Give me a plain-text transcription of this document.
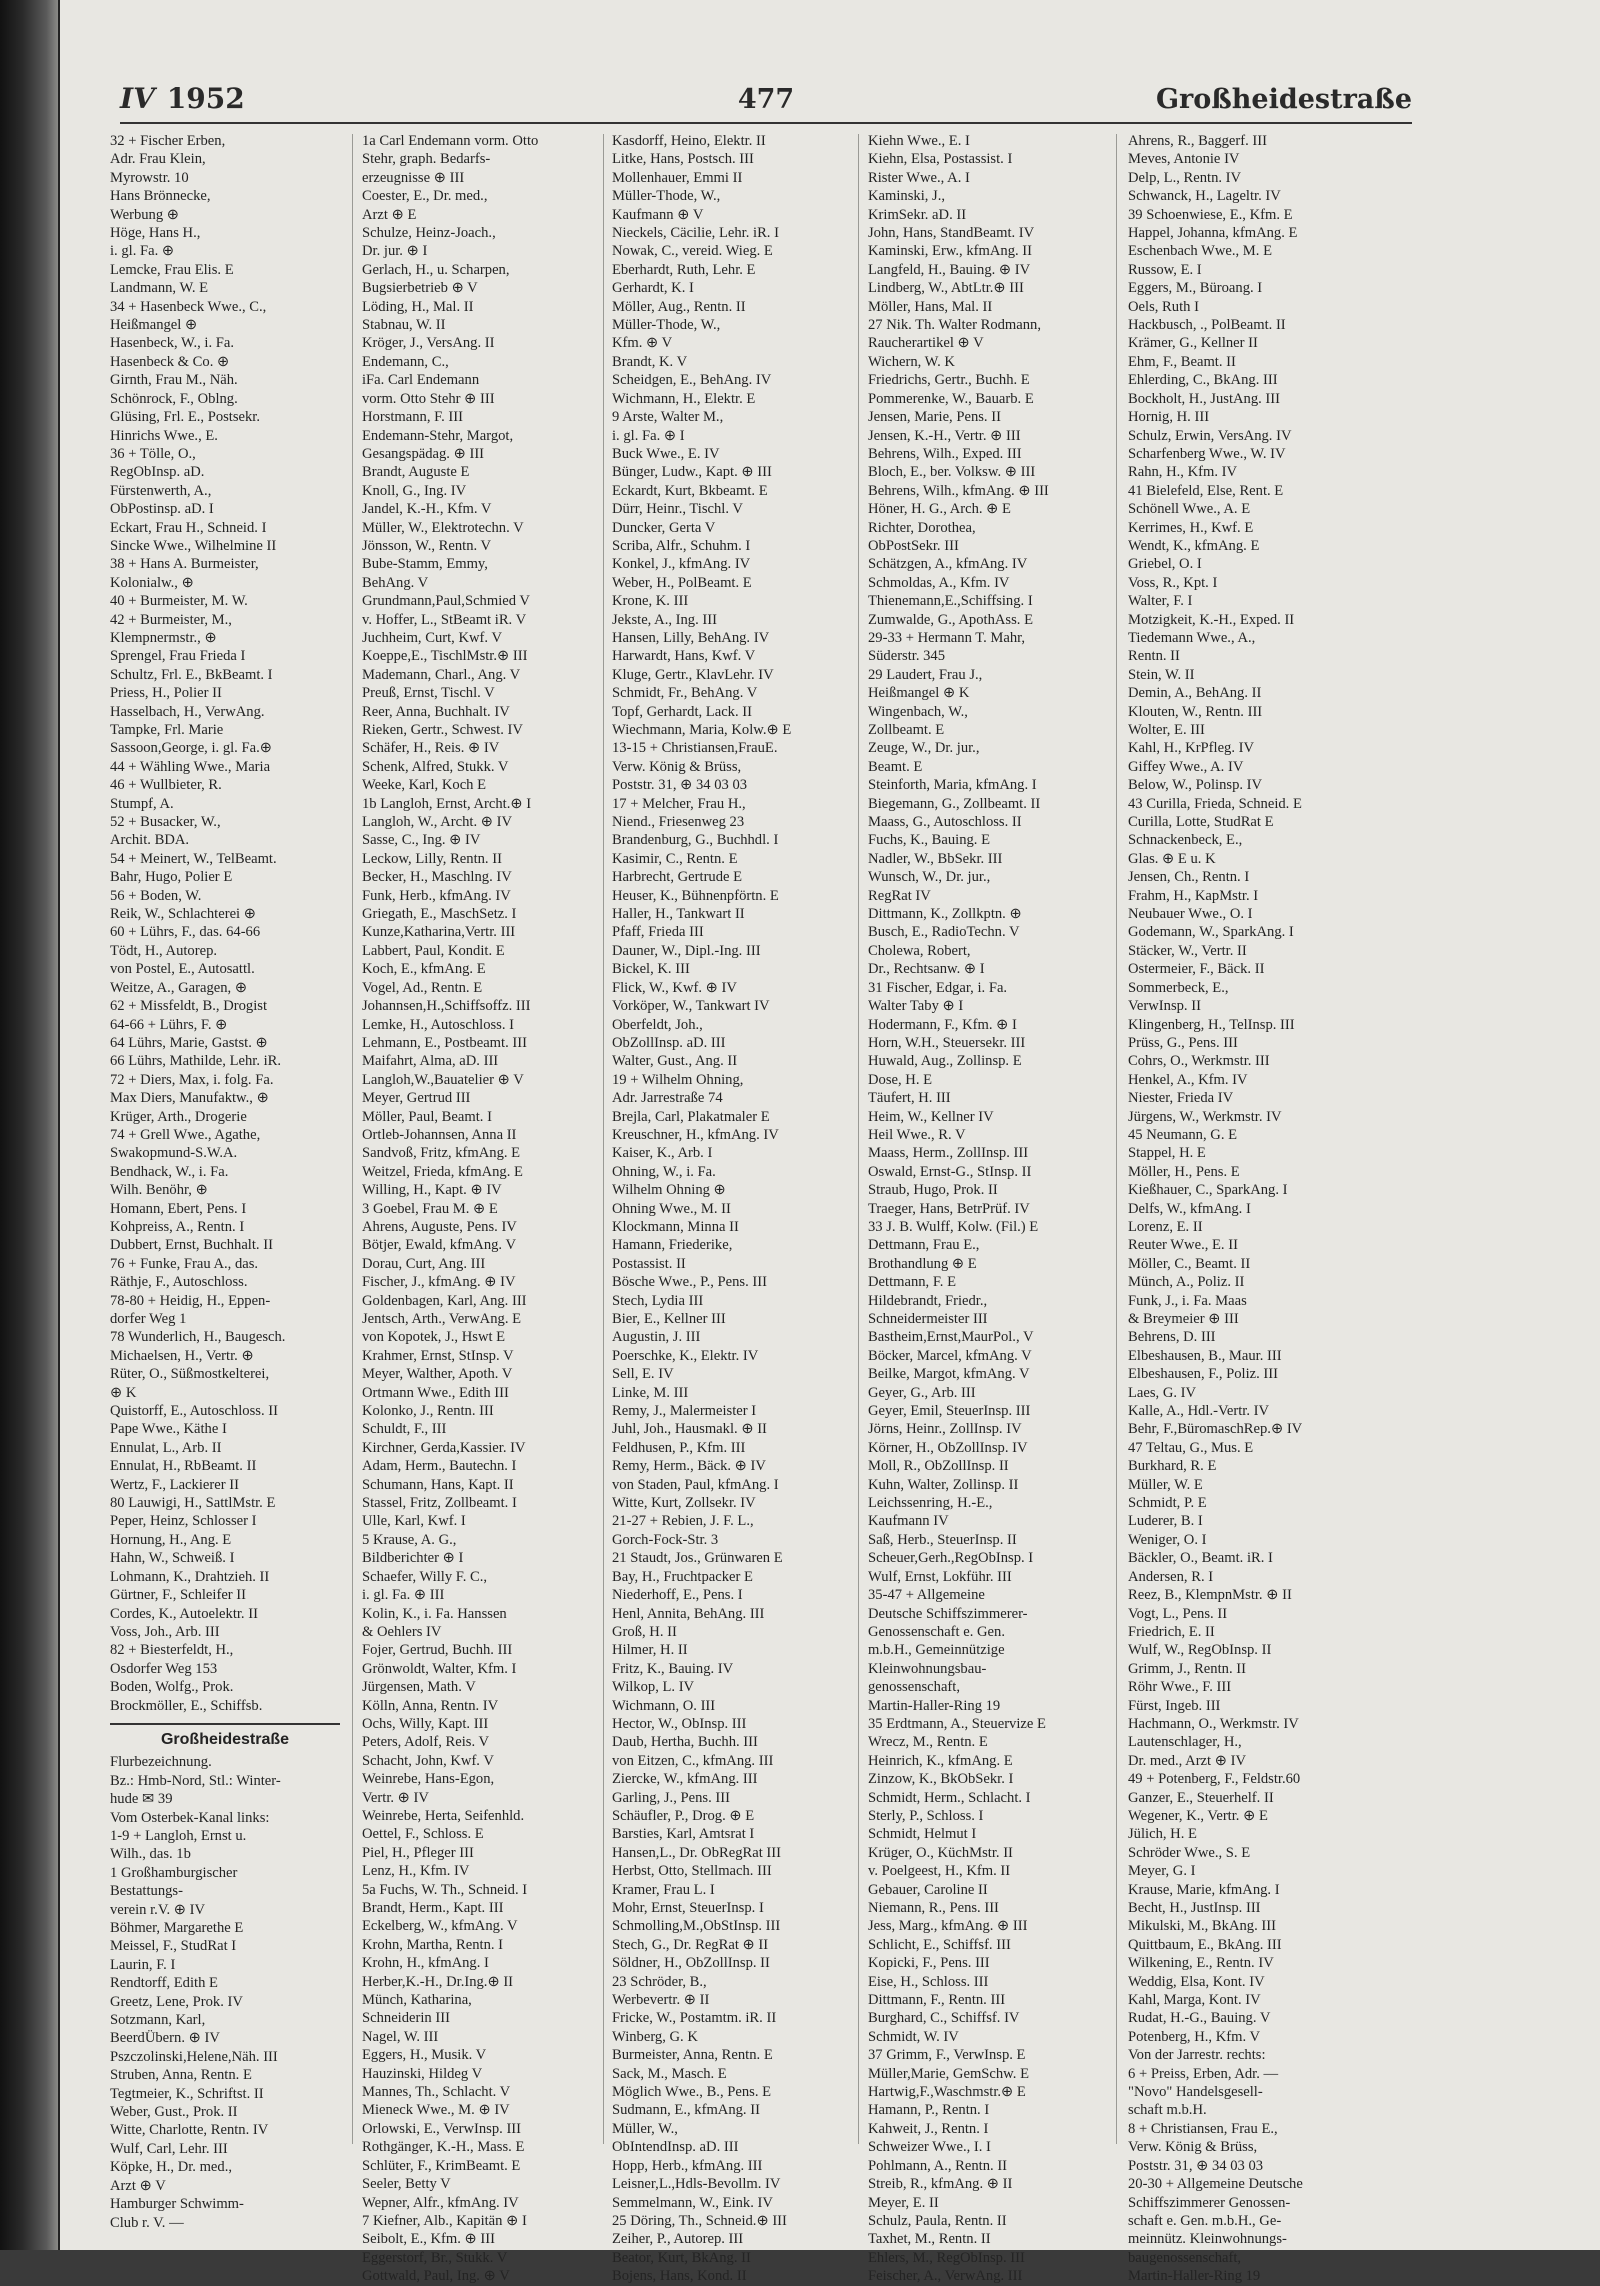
IV 1952	477	Großheidestraße
32 + Fischer Erben,
Adr. Frau Klein,
Myrowstr. 10
Hans Brönnecke,
Werbung ⊕
Höge, Hans H.,
i. gl. Fa. ⊕
Lemcke, Frau Elis. E
Landmann, W. E
34 + Hasenbeck Wwe., C.,
Heißmangel ⊕
Hasenbeck, W., i. Fa.
Hasenbeck & Co. ⊕
Girnth, Frau M., Näh.
Schönrock, F., Oblng.
Glüsing, Frl. E., Postsekr.
Hinrichs Wwe., E.
36 + Tölle, O.,
RegObInsp. aD.
Fürstenwerth, A.,
ObPostinsp. aD. I
Eckart, Frau H., Schneid. I
Sincke Wwe., Wilhelmine II
38 + Hans A. Burmeister,
Kolonialw., ⊕
40 + Burmeister, M. W.
42 + Burmeister, M.,
Klempnermstr., ⊕
Sprengel, Frau Frieda I
Schultz, Frl. E., BkBeamt. I
Priess, H., Polier II
Hasselbach, H., VerwAng.
Tampke, Frl. Marie
Sassoon,George, i. gl. Fa.⊕
44 + Wähling Wwe., Maria
46 + Wullbieter, R.
Stumpf, A.
52 + Busacker, W.,
Archit. BDA.
54 + Meinert, W., TelBeamt.
Bahr, Hugo, Polier E
56 + Boden, W.
Reik, W., Schlachterei ⊕
60 + Lührs, F., das. 64-66
Tödt, H., Autorep.
von Postel, E., Autosattl.
Weitze, A., Garagen, ⊕
62 + Missfeldt, B., Drogist
64-66 + Lührs, F. ⊕
64 Lührs, Marie, Gastst. ⊕
66 Lührs, Mathilde, Lehr. iR.
72 + Diers, Max, i. folg. Fa.
Max Diers, Manufaktw., ⊕
Krüger, Arth., Drogerie
74 + Grell Wwe., Agathe,
Swakopmund-S.W.A.
Bendhack, W., i. Fa.
Wilh. Benöhr, ⊕
Homann, Ebert, Pens. I
Kohpreiss, A., Rentn. I
Dubbert, Ernst, Buchhalt. II
76 + Funke, Frau A., das.
Räthje, F., Autoschloss.
78-80 + Heidig, H., Eppen-
dorfer Weg 1
78 Wunderlich, H., Baugesch.
Michaelsen, H., Vertr. ⊕
Rüter, O., Süßmostkelterei,
⊕ K
Quistorff, E., Autoschloss. II
Pape Wwe., Käthe I
Ennulat, L., Arb. II
Ennulat, H., RbBeamt. II
Wertz, F., Lackierer II
80 Lauwigi, H., SattlMstr. E
Peper, Heinz, Schlosser I
Hornung, H., Ang. E
Hahn, W., Schweiß. I
Lohmann, K., Drahtzieh. II
Gürtner, F., Schleifer II
Cordes, K., Autoelektr. II
Voss, Joh., Arb. III
82 + Biesterfeldt, H.,
Osdorfer Weg 153
Boden, Wolfg., Prok.
Brockmöller, E., Schiffsb.
Großheidestraße
Flurbezeichnung.
Bz.: Hmb-Nord, Stl.: Winter-
hude ✉ 39
Vom Osterbek-Kanal links:
1-9 + Langloh, Ernst u.
Wilh., das. 1b
1 Großhamburgischer
Bestattungs-
verein r.V. ⊕ IV
Böhmer, Margarethe E
Meissel, F., StudRat I
Laurin, F. I
Rendtorff, Edith E
Greetz, Lene, Prok. IV
Sotzmann, Karl,
BeerdÜbern. ⊕ IV
Pszczolinski,Helene,Näh. III
Struben, Anna, Rentn. E
Tegtmeier, K., Schriftst. II
Weber, Gust., Prok. II
Witte, Charlotte, Rentn. IV
Wulf, Carl, Lehr. III
Köpke, H., Dr. med.,
Arzt ⊕ V
Hamburger Schwimm-
Club r. V. —
1a Carl Endemann vorm. Otto
Stehr, graph. Bedarfs-
erzeugnisse ⊕ III
Coester, E., Dr. med.,
Arzt ⊕ E
Schulze, Heinz-Joach.,
Dr. jur. ⊕ I
Gerlach, H., u. Scharpen,
Bugsierbetrieb ⊕ V
Löding, H., Mal. II
Stabnau, W. II
Kröger, J., VersAng. II
Endemann, C.,
iFa. Carl Endemann
vorm. Otto Stehr ⊕ III
Horstmann, F. III
Endemann-Stehr, Margot,
Gesangspädag. ⊕ III
Brandt, Auguste E
Knoll, G., Ing. IV
Jandel, K.-H., Kfm. V
Müller, W., Elektrotechn. V
Jönsson, W., Rentn. V
Bube-Stamm, Emmy,
BehAng. V
Grundmann,Paul,Schmied V
v. Hoffer, L., StBeamt iR. V
Juchheim, Curt, Kwf. V
Koeppe,E., TischlMstr.⊕ III
Mademann, Charl., Ang. V
Preuß, Ernst, Tischl. V
Reer, Anna, Buchhalt. IV
Rieken, Gertr., Schwest. IV
Schäfer, H., Reis. ⊕ IV
Schenk, Alfred, Stukk. V
Weeke, Karl, Koch E
1b Langloh, Ernst, Archt.⊕ I
Langloh, W., Archt. ⊕ IV
Sasse, C., Ing. ⊕ IV
Leckow, Lilly, Rentn. II
Becker, H., Maschlng. IV
Funk, Herb., kfmAng. IV
Griegath, E., MaschSetz. I
Kunze,Katharina,Vertr. III
Labbert, Paul, Kondit. E
Koch, E., kfmAng. E
Vogel, Ad., Rentn. E
Johannsen,H.,Schiffsoffz. III
Lemke, H., Autoschloss. I
Lehmann, E., Postbeamt. III
Maifahrt, Alma, aD. III
Langloh,W.,Bauatelier ⊕ V
Meyer, Gertrud III
Möller, Paul, Beamt. I
Ortleb-Johannsen, Anna II
Sandvoß, Fritz, kfmAng. E
Weitzel, Frieda, kfmAng. E
Willing, H., Kapt. ⊕ IV
3 Goebel, Frau M. ⊕ E
Ahrens, Auguste, Pens. IV
Bötjer, Ewald, kfmAng. V
Dorau, Curt, Ang. III
Fischer, J., kfmAng. ⊕ IV
Goldenbagen, Karl, Ang. III
Jentsch, Arth., VerwAng. E
von Kopotek, J., Hswt E
Krahmer, Ernst, StInsp. V
Meyer, Walther, Apoth. V
Ortmann Wwe., Edith III
Kolonko, J., Rentn. III
Schuldt, F., III
Kirchner, Gerda,Kassier. IV
Adam, Herm., Bautechn. I
Schumann, Hans, Kapt. II
Stassel, Fritz, Zollbeamt. I
Ulle, Karl, Kwf. I
5 Krause, A. G.,
Bildberichter ⊕ I
Schaefer, Willy F. C.,
i. gl. Fa. ⊕ III
Kolin, K., i. Fa. Hanssen
& Oehlers IV
Fojer, Gertrud, Buchh. III
Grönwoldt, Walter, Kfm. I
Jürgensen, Math. V
Kölln, Anna, Rentn. IV
Ochs, Willy, Kapt. III
Peters, Adolf, Reis. V
Schacht, John, Kwf. V
Weinrebe, Hans-Egon,
Vertr. ⊕ IV
Weinrebe, Herta, Seifenhld.
Oettel, F., Schloss. E
Piel, H., Pfleger III
Lenz, H., Kfm. IV
5a Fuchs, W. Th., Schneid. I
Brandt, Herm., Kapt. III
Eckelberg, W., kfmAng. V
Krohn, Martha, Rentn. I
Krohn, H., kfmAng. I
Herber,K.-H., Dr.Ing.⊕ II
Münch, Katharina,
Schneiderin III
Nagel, W. III
Eggers, H., Musik. V
Hauzinski, Hildeg V
Mannes, Th., Schlacht. V
Mieneck Wwe., M. ⊕ IV
Orlowski, E., VerwInsp. III
Rothgänger, K.-H., Mass. E
Schlüter, F., KrimBeamt. E
Seeler, Betty V
Wepner, Alfr., kfmAng. IV
7 Kiefner, Alb., Kapitän ⊕ I
Seibolt, E., Kfm. ⊕ III
Eggerstorf, Br., Stukk. V
Gottwald, Paul, Ing. ⊕ V
Kasdorff, Heino, Elektr. II
Litke, Hans, Postsch. III
Mollenhauer, Emmi II
Müller-Thode, W.,
Kaufmann ⊕ V
Nieckels, Cäcilie, Lehr. iR. I
Nowak, C., vereid. Wieg. E
Eberhardt, Ruth, Lehr. E
Gerhardt, K. I
Möller, Aug., Rentn. II
Müller-Thode, W.,
Kfm. ⊕ V
Brandt, K. V
Scheidgen, E., BehAng. IV
Wichmann, H., Elektr. E
9 Arste, Walter M.,
i. gl. Fa. ⊕ I
Buck Wwe., E. IV
Bünger, Ludw., Kapt. ⊕ III
Eckardt, Kurt, Bkbeamt. E
Dürr, Heinr., Tischl. V
Duncker, Gerta V
Scriba, Alfr., Schuhm. I
Konkel, J., kfmAng. IV
Weber, H., PolBeamt. E
Krone, K. III
Jekste, A., Ing. III
Hansen, Lilly, BehAng. IV
Harwardt, Hans, Kwf. V
Kluge, Gertr., KlavLehr. IV
Schmidt, Fr., BehAng. V
Topf, Gerhardt, Lack. II
Wiechmann, Maria, Kolw.⊕ E
13-15 + Christiansen,FrauE.
Verw. König & Brüss,
Poststr. 31, ⊕ 34 03 03
17 + Melcher, Frau H.,
Niend., Friesenweg 23
Brandenburg, G., Buchhdl. I
Kasimir, C., Rentn. E
Harbrecht, Gertrude E
Heuser, K., Bühnenpförtn. E
Haller, H., Tankwart II
Pfaff, Frieda III
Dauner, W., Dipl.-Ing. III
Bickel, K. III
Flick, W., Kwf. ⊕ IV
Vorköper, W., Tankwart IV
Oberfeldt, Joh.,
ObZollInsp. aD. III
Walter, Gust., Ang. II
19 + Wilhelm Ohning,
Adr. Jarrestraße 74
Brejla, Carl, Plakatmaler E
Kreuschner, H., kfmAng. IV
Kaiser, K., Arb. I
Ohning, W., i. Fa.
Wilhelm Ohning ⊕
Ohning Wwe., M. II
Klockmann, Minna II
Hamann, Friederike,
Postassist. II
Bösche Wwe., P., Pens. III
Stech, Lydia III
Bier, E., Kellner III
Augustin, J. III
Poerschke, K., Elektr. IV
Sell, E. IV
Linke, M. III
Remy, J., Malermeister I
Juhl, Joh., Hausmakl. ⊕ II
Feldhusen, P., Kfm. III
Remy, Herm., Bäck. ⊕ IV
von Staden, Paul, kfmAng. I
Witte, Kurt, Zollsekr. IV
21-27 + Rebien, J. F. L.,
Gorch-Fock-Str. 3
21 Staudt, Jos., Grünwaren E
Bay, H., Fruchtpacker E
Niederhoff, E., Pens. I
Henl, Annita, BehAng. III
Groß, H. II
Hilmer, H. II
Fritz, K., Bauing. IV
Wilkop, L. IV
Wichmann, O. III
Hector, W., ObInsp. III
Daub, Hertha, Buchh. III
von Eitzen, C., kfmAng. III
Ziercke, W., kfmAng. III
Garling, J., Pens. III
Schäufler, P., Drog. ⊕ E
Barsties, Karl, Amtsrat I
Hansen,L., Dr. ObRegRat III
Herbst, Otto, Stellmach. III
Kramer, Frau L. I
Mohr, Ernst, SteuerInsp. I
Schmolling,M.,ObStInsp. III
Stech, G., Dr. RegRat ⊕ II
Söldner, H., ObZollInsp. II
23 Schröder, B.,
Werbevertr. ⊕ II
Fricke, W., Postamtm. iR. II
Winberg, G. K
Burmeister, Anna, Rentn. E
Sack, M., Masch. E
Möglich Wwe., B., Pens. E
Sudmann, E., kfmAng. II
Müller, W.,
ObIntendInsp. aD. III
Hopp, Herb., kfmAng. III
Leisner,L.,Hdls-Bevollm. IV
Semmelmann, W., Eink. IV
25 Döring, Th., Schneid.⊕ III
Zeiher, P., Autorep. III
Beator, Kurt, BkAng. II
Bojens, Hans, Kond. II
Kiehn Wwe., E. I
Kiehn, Elsa, Postassist. I
Rister Wwe., A. I
Kaminski, J.,
KrimSekr. aD. II
John, Hans, StandBeamt. IV
Kaminski, Erw., kfmAng. II
Langfeld, H., Bauing. ⊕ IV
Lindberg, W., AbtLtr.⊕ III
Möller, Hans, Mal. II
27 Nik. Th. Walter Rodmann,
Raucherartikel ⊕ V
Wichern, W. K
Friedrichs, Gertr., Buchh. E
Pommerenke, W., Bauarb. E
Jensen, Marie, Pens. II
Jensen, K.-H., Vertr. ⊕ III
Behrens, Wilh., Exped. III
Bloch, E., ber. Volksw. ⊕ III
Behrens, Wilh., kfmAng. ⊕ III
Höner, H. G., Arch. ⊕ E
Richter, Dorothea,
ObPostSekr. III
Schätzgen, A., kfmAng. IV
Schmoldas, A., Kfm. IV
Thienemann,E.,Schiffsing. I
Zumwalde, G., ApothAss. E
29-33 + Hermann T. Mahr,
Süderstr. 345
29 Laudert, Frau J.,
Heißmangel ⊕ K
Wingenbach, W.,
Zollbeamt. E
Zeuge, W., Dr. jur.,
Beamt. E
Steinforth, Maria, kfmAng. I
Biegemann, G., Zollbeamt. II
Maass, G., Autoschloss. II
Fuchs, K., Bauing. E
Nadler, W., BbSekr. III
Wunsch, W., Dr. jur.,
RegRat IV
Dittmann, K., Zollkptn. ⊕
Busch, E., RadioTechn. V
Cholewa, Robert,
Dr., Rechtsanw. ⊕ I
31 Fischer, Edgar, i. Fa.
Walter Taby ⊕ I
Hodermann, F., Kfm. ⊕ I
Horn, W.H., Steuersekr. III
Huwald, Aug., Zollinsp. E
Dose, H. E
Täufert, H. III
Heim, W., Kellner IV
Heil Wwe., R. V
Maass, Herm., ZollInsp. III
Oswald, Ernst-G., StInsp. II
Straub, Hugo, Prok. II
Traeger, Hans, BetrPrüf. IV
33 J. B. Wulff, Kolw. (Fil.) E
Dettmann, Frau E.,
Brothandlung ⊕ E
Dettmann, F. E
Hildebrandt, Friedr.,
Schneidermeister III
Bastheim,Ernst,MaurPol., V
Böcker, Marcel, kfmAng. V
Beilke, Margot, kfmAng. V
Geyer, G., Arb. III
Geyer, Emil, SteuerInsp. III
Jörns, Heinr., ZollInsp. IV
Körner, H., ObZollInsp. IV
Moll, R., ObZollInsp. II
Kuhn, Walter, Zollinsp. II
Leichssenring, H.-E.,
Kaufmann IV
Saß, Herb., SteuerInsp. II
Scheuer,Gerh.,RegObInsp. I
Wulf, Ernst, Lokführ. III
35-47 + Allgemeine
Deutsche Schiffszimmerer-
Genossenschaft e. Gen.
m.b.H., Gemeinnützige
Kleinwohnungsbau-
genossenschaft,
Martin-Haller-Ring 19
35 Erdtmann, A., Steuervize E
Wrecz, M., Rentn. E
Heinrich, K., kfmAng. E
Zinzow, K., BkObSekr. I
Schmidt, Herm., Schlacht. I
Sterly, P., Schloss. I
Schmidt, Helmut I
Krüger, O., KüchMstr. II
v. Poelgeest, H., Kfm. II
Gebauer, Caroline II
Niemann, R., Pens. III
Jess, Marg., kfmAng. ⊕ III
Schlicht, E., Schiffsf. III
Kopicki, F., Pens. III
Eise, H., Schloss. III
Dittmann, F., Rentn. III
Burghard, C., Schiffsf. IV
Schmidt, W. IV
37 Grimm, F., VerwInsp. E
Müller,Marie, GemSchw. E
Hartwig,F.,Waschmstr.⊕ E
Hamann, P., Rentn. I
Kahweit, J., Rentn. I
Schweizer Wwe., I. I
Pohlmann, A., Rentn. II
Streib, R., kfmAng. ⊕ II
Meyer, E. II
Schulz, Paula, Rentn. II
Taxhet, M., Rentn. II
Ehlers, M., RegObInsp. III
Feischer, A., VerwAng. III
Ahrens, R., Baggerf. III
Meves, Antonie IV
Delp, L., Rentn. IV
Schwanck, H., Lageltr. IV
39 Schoenwiese, E., Kfm. E
Happel, Johanna, kfmAng. E
Eschenbach Wwe., M. E
Russow, E. I
Eggers, M., Büroang. I
Oels, Ruth I
Hackbusch, ., PolBeamt. II
Krämer, G., Kellner II
Ehm, F., Beamt. II
Ehlerding, C., BkAng. III
Bockholt, H., JustAng. III
Hornig, H. III
Schulz, Erwin, VersAng. IV
Scharfenberg Wwe., W. IV
Rahn, H., Kfm. IV
41 Bielefeld, Else, Rent. E
Schönell Wwe., A. E
Kerrimes, H., Kwf. E
Wendt, K., kfmAng. E
Griebel, O. I
Voss, R., Kpt. I
Walter, F. I
Motzigkeit, K.-H., Exped. II
Tiedemann Wwe., A.,
Rentn. II
Stein, W. II
Demin, A., BehAng. II
Klouten, W., Rentn. III
Wolter, E. III
Kahl, H., KrPfleg. IV
Giffey Wwe., A. IV
Below, W., Polinsp. IV
43 Curilla, Frieda, Schneid. E
Curilla, Lotte, StudRat E
Schnackenbeck, E.,
Glas. ⊕ E u. K
Jensen, Ch., Rentn. I
Frahm, H., KapMstr. I
Neubauer Wwe., O. I
Godemann, W., SparkAng. I
Stäcker, W., Vertr. II
Ostermeier, F., Bäck. II
Sommerbeck, E.,
VerwInsp. II
Klingenberg, H., TelInsp. III
Prüss, G., Pens. III
Cohrs, O., Werkmstr. III
Henkel, A., Kfm. IV
Niester, Frieda IV
Jürgens, W., Werkmstr. IV
45 Neumann, G. E
Stappel, H. E
Möller, H., Pens. E
Kießhauer, C., SparkAng. I
Delfs, W., kfmAng. I
Lorenz, E. II
Reuter Wwe., E. II
Möller, C., Beamt. II
Münch, A., Poliz. II
Funk, J., i. Fa. Maas
& Breymeier ⊕ III
Behrens, D. III
Elbeshausen, B., Maur. III
Elbeshausen, F., Poliz. III
Laes, G. IV
Kalle, A., Hdl.-Vertr. IV
Behr, F.,BüromaschRep.⊕ IV
47 Teltau, G., Mus. E
Burkhard, R. E
Müller, W. E
Schmidt, P. E
Luderer, B. I
Weniger, O. I
Bäckler, O., Beamt. iR. I
Andersen, R. I
Reez, B., KlempnMstr. ⊕ II
Vogt, L., Pens. II
Friedrich, E. II
Wulf, W., RegObInsp. II
Grimm, J., Rentn. II
Röhr Wwe., F. III
Fürst, Ingeb. III
Hachmann, O., Werkmstr. IV
Lautenschlager, H.,
Dr. med., Arzt ⊕ IV
49 + Potenberg, F., Feldstr.60
Ganzer, E., Steuerhelf. II
Wegener, K., Vertr. ⊕ E
Jülich, H. E
Schröder Wwe., S. E
Meyer, G. I
Krause, Marie, kfmAng. I
Becht, H., JustInsp. III
Mikulski, M., BkAng. III
Quittbaum, E., BkAng. III
Wilkening, E., Rentn. IV
Weddig, Elsa, Kont. IV
Kahl, Marga, Kont. IV
Rudat, H.-G., Bauing. V
Potenberg, H., Kfm. V
Von der Jarrestr. rechts:
6 + Preiss, Erben, Adr. —
"Novo" Handelsgesell-
schaft m.b.H.
8 + Christiansen, Frau E.,
Verw. König & Brüss,
Poststr. 31, ⊕ 34 03 03
20-30 + Allgemeine Deutsche
Schiffszimmerer Genossen-
schaft e. Gen. m.b.H., Ge-
meinnütz. Kleinwohnungs-
baugenossenschaft,
Martin-Haller-Ring 19
